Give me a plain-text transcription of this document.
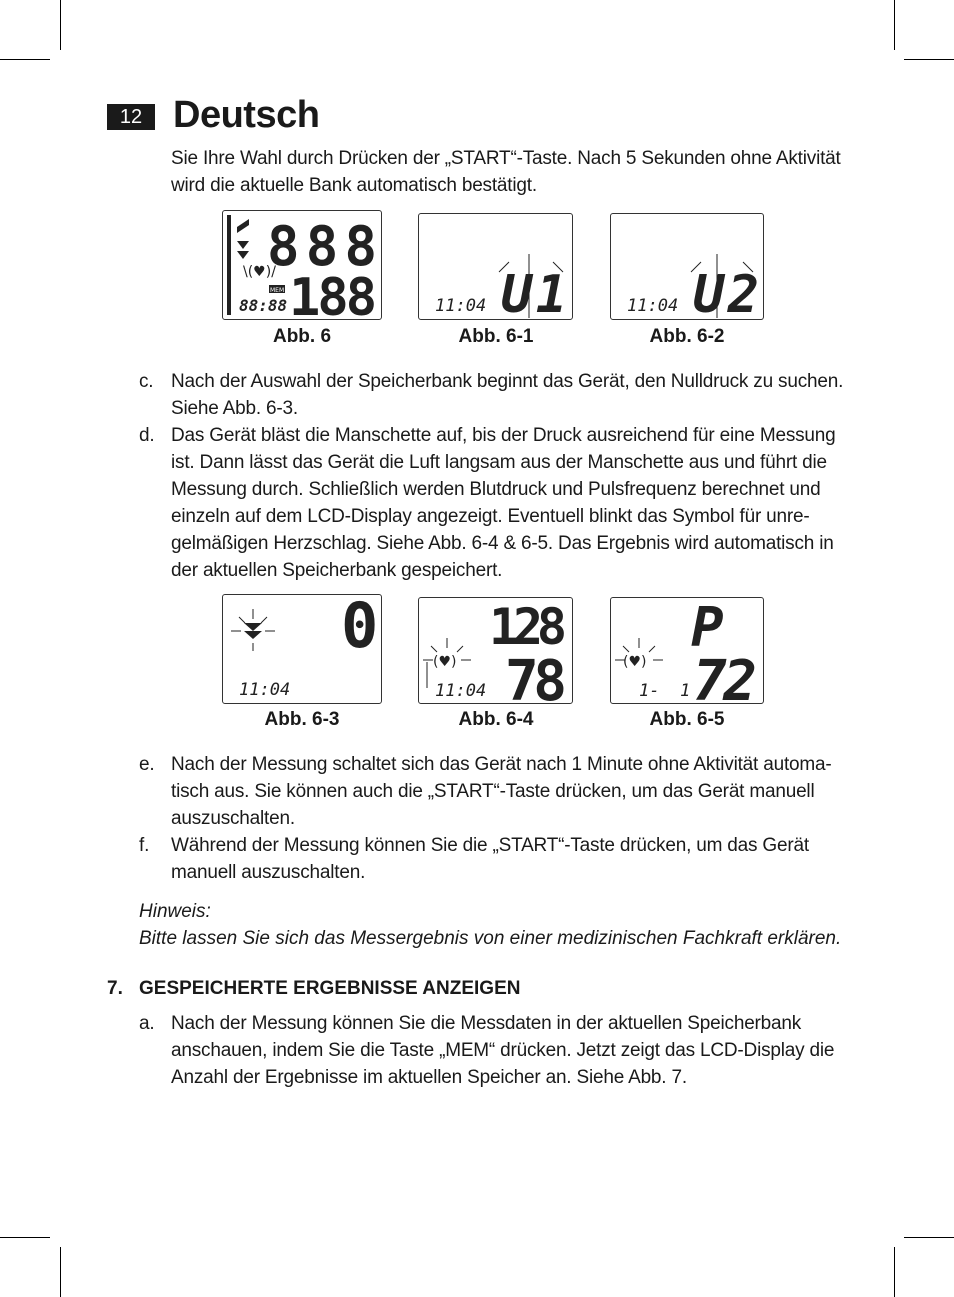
12 Deutsch

Sie Ihre Wahl durch Drücken der „START“-Taste. Nach 5 Sekunden ohne Aktivität

wird die aktuelle Bank automatisch bestätigt.

\(♥)/
MEM
88:88
888
188
Abb. 6
11:04 U1
Abb. 6-1
11:04 U2
Abb. 6-2
c. Nach der Auswahl der Speicherbank beginnt das Gerät, den Nulldruck zu suchen.
Siehe Abb. 6-3.
d. Das Gerät bläst die Manschette auf, bis der Druck ausreichend für eine Messung
ist. Dann lässt das Gerät die Luft langsam aus der Manschette aus und führt die
Messung durch. Schließlich werden Blutdruck und Pulsfrequenz berechnet und
einzeln auf dem LCD-Display angezeigt. Eventuell blinkt das Symbol für unre-
gelmäßigen Herzschlag. Siehe Abb. 6-4 & 6-5. Das Ergebnis wird automatisch in
der aktuellen Speicherbank gespeichert.
0
11:04
Abb. 6-3
(♥)
128
78
11:04
Abb. 6-4
(♥)
P
72
1-  1
Abb. 6-5
e. Nach der Messung schaltet sich das Gerät nach 1 Minute ohne Aktivität automa-
tisch aus. Sie können auch die „START“-Taste drücken, um das Gerät manuell
auszuschalten.
f. Während der Messung können Sie die „START“-Taste drücken, um das Gerät
manuell auszuschalten.
Hinweis:
Bitte lassen Sie sich das Messergebnis von einer medizinischen Fachkraft erklären.
7. GESPEICHERTE ERGEBNISSE ANZEIGEN
a. Nach der Messung können Sie die Messdaten in der aktuellen Speicherbank
anschauen, indem Sie die Taste „MEM“ drücken. Jetzt zeigt das LCD-Display die
Anzahl der Ergebnisse im aktuellen Speicher an. Siehe Abb. 7.
